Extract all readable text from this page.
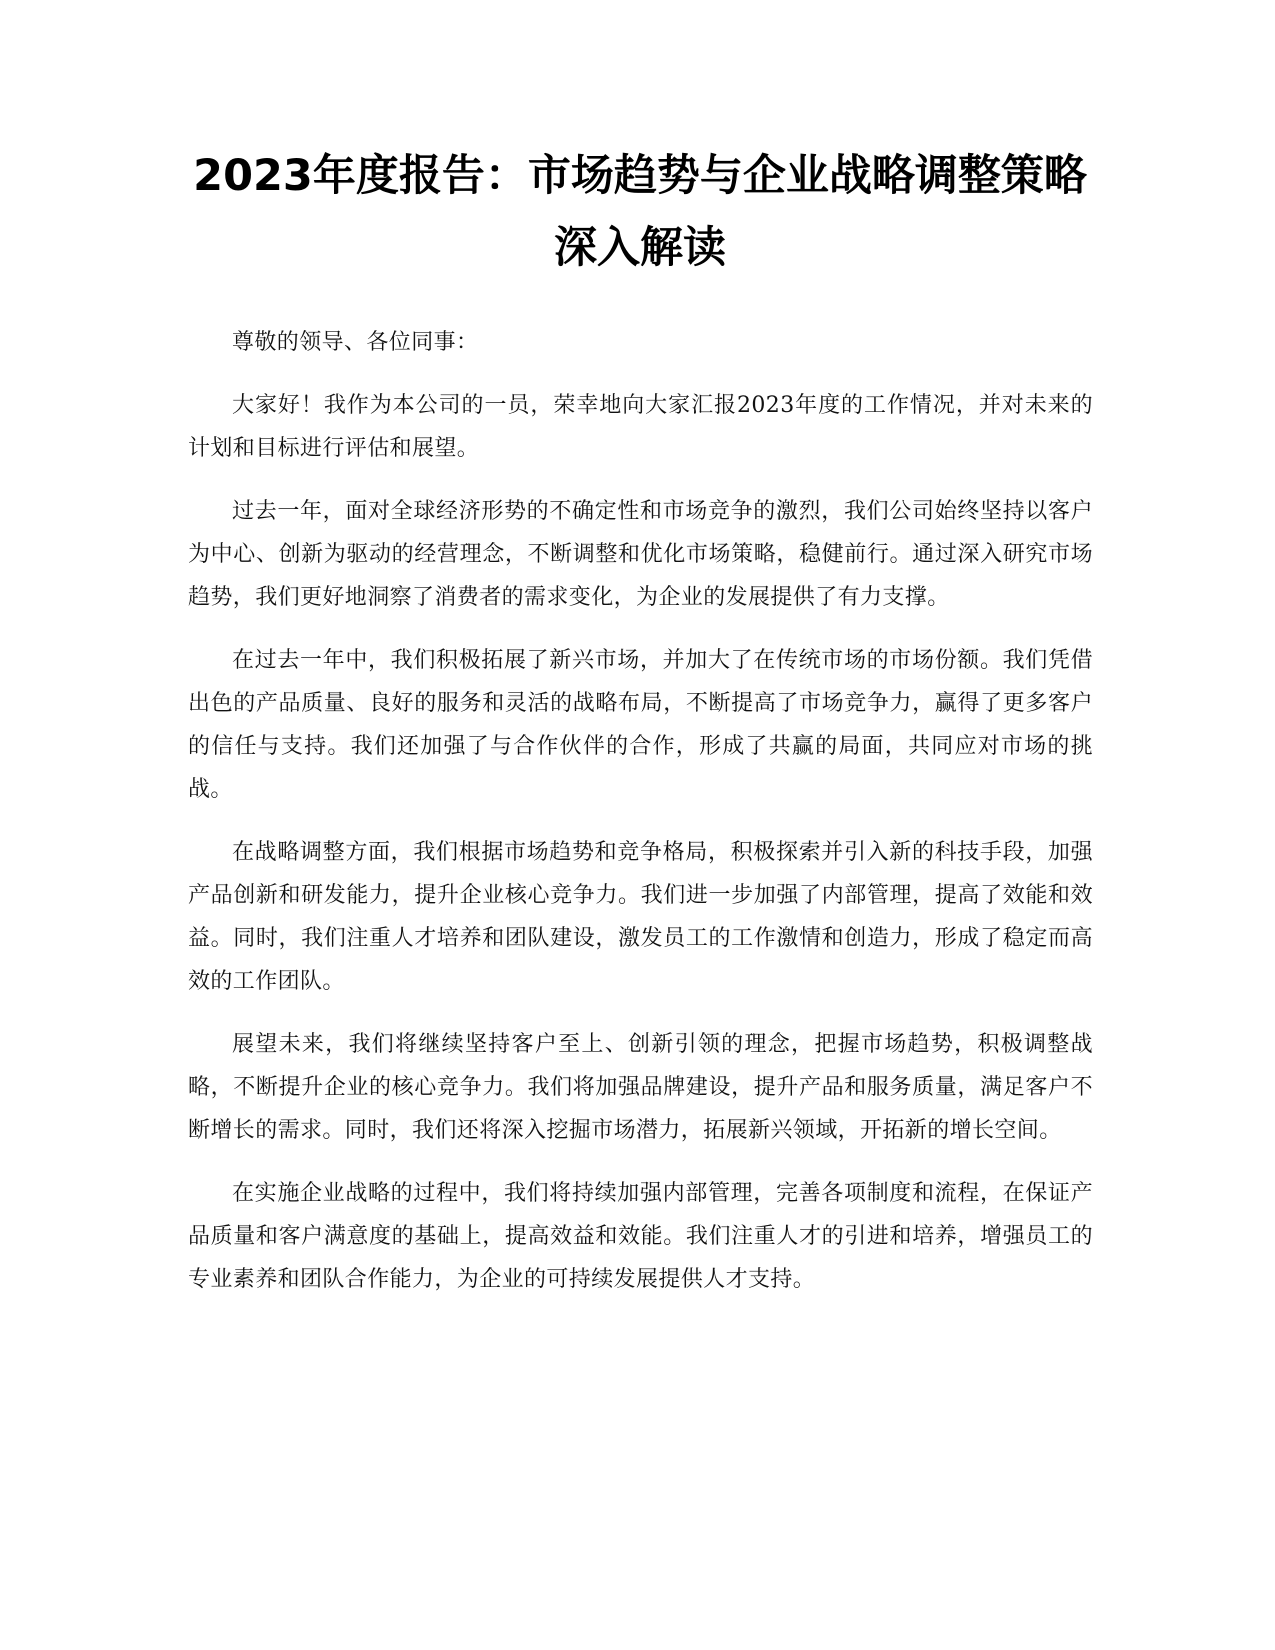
2023年度报告：市场趋势与企业战略调整策略深入解读

尊敬的领导、各位同事：

大家好！我作为本公司的一员，荣幸地向大家汇报2023年度的工作情况，并对未来的计划和目标进行评估和展望。

过去一年，面对全球经济形势的不确定性和市场竞争的激烈，我们公司始终坚持以客户为中心、创新为驱动的经营理念，不断调整和优化市场策略，稳健前行。通过深入研究市场趋势，我们更好地洞察了消费者的需求变化，为企业的发展提供了有力支撑。

在过去一年中，我们积极拓展了新兴市场，并加大了在传统市场的市场份额。我们凭借出色的产品质量、良好的服务和灵活的战略布局，不断提高了市场竞争力，赢得了更多客户的信任与支持。我们还加强了与合作伙伴的合作，形成了共赢的局面，共同应对市场的挑战。

在战略调整方面，我们根据市场趋势和竞争格局，积极探索并引入新的科技手段，加强产品创新和研发能力，提升企业核心竞争力。我们进一步加强了内部管理，提高了效能和效益。同时，我们注重人才培养和团队建设，激发员工的工作激情和创造力，形成了稳定而高效的工作团队。

展望未来，我们将继续坚持客户至上、创新引领的理念，把握市场趋势，积极调整战略，不断提升企业的核心竞争力。我们将加强品牌建设，提升产品和服务质量，满足客户不断增长的需求。同时，我们还将深入挖掘市场潜力，拓展新兴领域，开拓新的增长空间。

在实施企业战略的过程中，我们将持续加强内部管理，完善各项制度和流程，在保证产品质量和客户满意度的基础上，提高效益和效能。我们注重人才的引进和培养，增强员工的专业素养和团队合作能力，为企业的可持续发展提供人才支持。
